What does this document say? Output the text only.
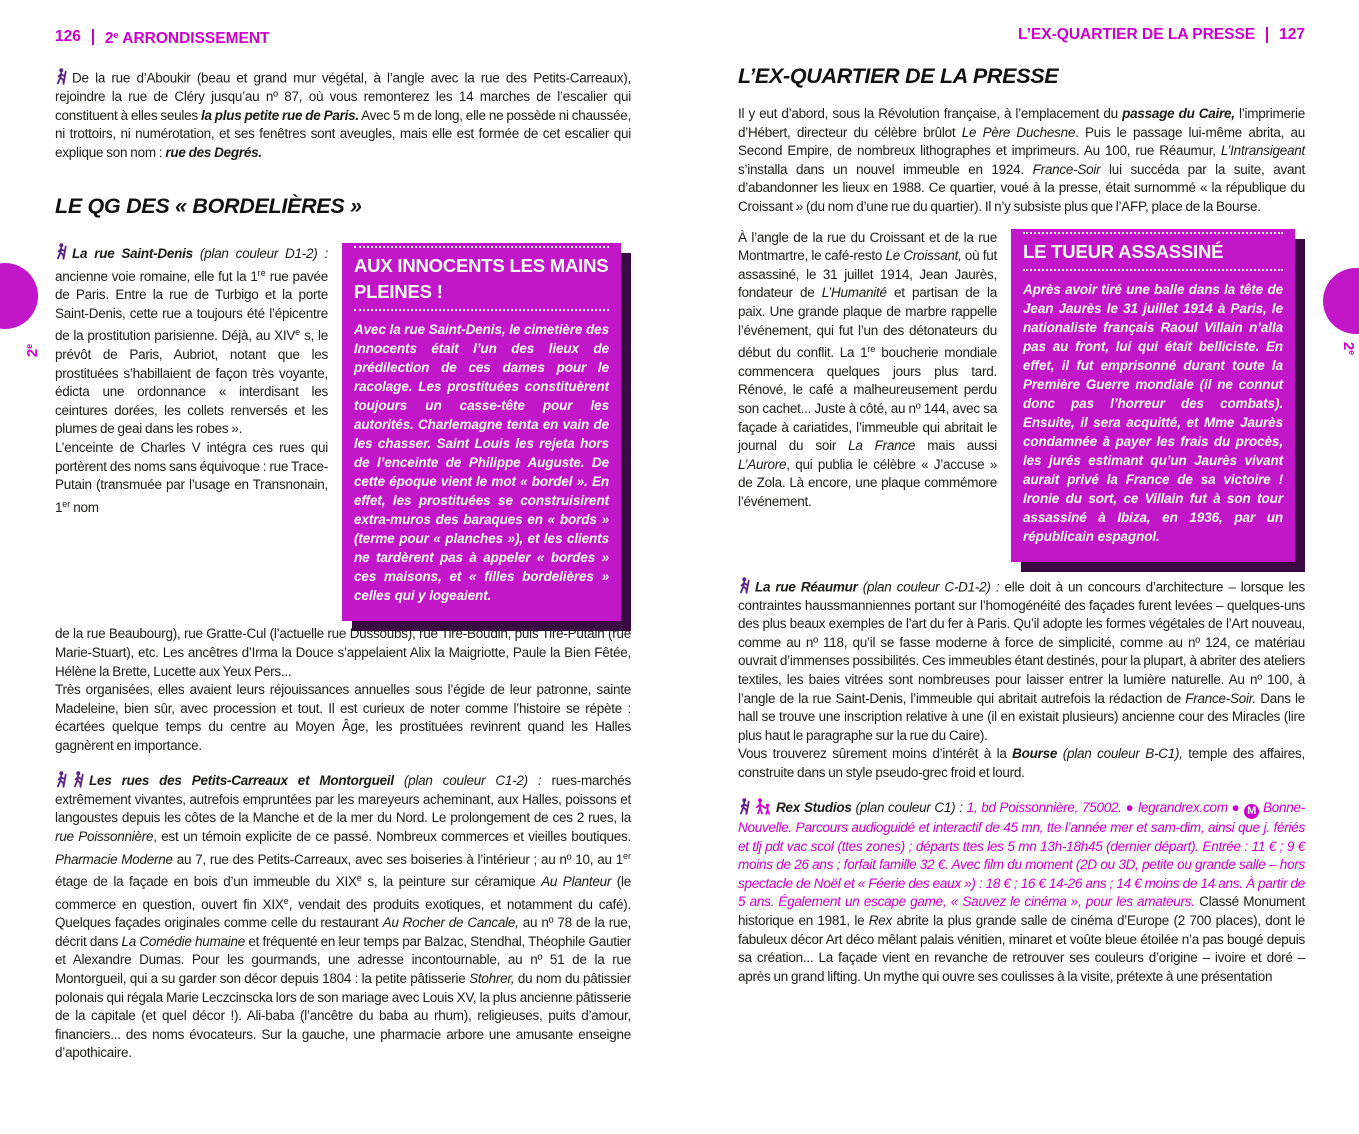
2e	2e
126 2e ARRONDISSEMENT

De la rue d’Aboukir (beau et grand mur végétal, à l’angle avec la rue des Petits-Carreaux), rejoindre la rue de Cléry jusqu’au nº 87, où vous remonterez les 14 marches de l’escalier qui constituent à elles seules la plus petite rue de Paris. Avec 5 m de long, elle ne possède ni chaussée, ni trottoirs, ni numérotation, et ses fenêtres sont aveugles, mais elle est formée de cet escalier qui explique son nom : rue des Degrés.

LE QG DES « BORDELIÈRES »

La rue Saint-Denis (plan couleur D1-2) : ancienne voie romaine, elle fut la 1re rue pavée de Paris. Entre la rue de Turbigo et la porte Saint-Denis, cette rue a toujours été l’épicentre de la prostitution parisienne. Déjà, au XIVe s, le prévôt de Paris, Aubriot, notant que les prostituées s’habillaient de façon très voyante, édicta une ordonnance « interdisant les ceintures dorées, les collets renversés et les plumes de geai dans les robes ».
L’enceinte de Charles V intégra ces rues qui portèrent des noms sans équivoque : rue Trace-Putain (transmuée par l’usage en Transnonain, 1er nom

AUX INNOCENTS LES MAINS PLEINES !

Avec la rue Saint-Denis, le cimetière des Innocents était l’un des lieux de prédilection de ces dames pour le racolage. Les prostituées constituèrent toujours un casse-tête pour les autorités. Charlemagne tenta en vain de les chasser. Saint Louis les rejeta hors de l’enceinte de Philippe Auguste. De cette époque vient le mot « bordel ». En effet, les prostituées se construisirent extra-muros des baraques en « bords » (terme pour « planches »), et les clients ne tardèrent pas à appeler « bordes » ces maisons, et « filles bordelières » celles qui y logeaient.

de la rue Beaubourg), rue Gratte-Cul (l’actuelle rue Dussoubs), rue Tire-Boudin, puis Tire-Putain (rue Marie-Stuart), etc. Les ancêtres d’Irma la Douce s’appelaient Alix la Maigriotte, Paule la Bien Fêtée, Hélène la Brette, Lucette aux Yeux Pers...
Très organisées, elles avaient leurs réjouissances annuelles sous l’égide de leur patronne, sainte Madeleine, bien sûr, avec procession et tout. Il est curieux de noter comme l’histoire se répète : écartées quelque temps du centre au Moyen Âge, les prostituées revinrent quand les Halles gagnèrent en importance.

Les rues des Petits-Carreaux et Montorgueil (plan couleur C1-2) : rues-marchés extrêmement vivantes, autrefois empruntées par les mareyeurs acheminant, aux Halles, poissons et langoustes depuis les côtes de la Manche et de la mer du Nord. Le prolongement de ces 2 rues, la rue Poissonnière, est un témoin explicite de ce passé. Nombreux commerces et vieilles boutiques. Pharmacie Moderne au 7, rue des Petits-Carreaux, avec ses boiseries à l’intérieur ; au nº 10, au 1er étage de la façade en bois d’un immeuble du XIXe s, la peinture sur céramique Au Planteur (le commerce en question, ouvert fin XIXe, vendait des produits exotiques, et notamment du café). Quelques façades originales comme celle du restaurant Au Rocher de Cancale, au nº 78 de la rue, décrit dans La Comédie humaine et fréquenté en leur temps par Balzac, Stendhal, Théophile Gautier et Alexandre Dumas. Pour les gourmands, une adresse incontournable, au nº 51 de la rue Montorgueil, qui a su garder son décor depuis 1804 : la petite pâtisserie Stohrer, du nom du pâtissier polonais qui régala Marie Leczcinscka lors de son mariage avec Louis XV, la plus ancienne pâtisserie de la capitale (et quel décor !). Ali-baba (l’ancêtre du baba au rhum), religieuses, puits d’amour, financiers... des noms évocateurs. Sur la gauche, une pharmacie arbore une amusante enseigne d’apothicaire.

L’EX-QUARTIER DE LA PRESSE 127
L’EX-QUARTIER DE LA PRESSE

Il y eut d’abord, sous la Révolution française, à l’emplacement du passage du Caire, l’imprimerie d’Hébert, directeur du célèbre brûlot Le Père Duchesne. Puis le passage lui-même abrita, au Second Empire, de nombreux lithographes et imprimeurs. Au 100, rue Réaumur, L’Intransigeant s’installa dans un nouvel immeuble en 1924. France-Soir lui succéda par la suite, avant d’abandonner les lieux en 1988. Ce quartier, voué à la presse, était surnommé « la république du Croissant » (du nom d’une rue du quartier). Il n’y subsiste plus que l’AFP, place de la Bourse.

À l’angle de la rue du Croissant et de la rue Montmartre, le café-resto Le Croissant, où fut assassiné, le 31 juillet 1914, Jean Jaurès, fondateur de L’Humanité et partisan de la paix. Une grande plaque de marbre rappelle l’événement, qui fut l’un des détonateurs du début du conflit. La 1re boucherie mondiale commencera quelques jours plus tard. Rénové, le café a malheureusement perdu son cachet... Juste à côté, au nº 144, avec sa façade à cariatides, l’immeuble qui abritait le journal du soir La France mais aussi L’Aurore, qui publia le célèbre « J’accuse » de Zola. Là encore, une plaque commémore l’événement.

LE TUEUR ASSASSINÉ

Après avoir tiré une balle dans la tête de Jean Jaurès le 31 juillet 1914 à Paris, le nationaliste français Raoul Villain n’alla pas au front, lui qui était belliciste. En effet, il fut emprisonné durant toute la Première Guerre mondiale (il ne connut donc pas l’horreur des combats). Ensuite, il sera acquitté, et Mme Jaurès condamnée à payer les frais du procès, les jurés estimant qu’un Jaurès vivant aurait privé la France de sa victoire ! Ironie du sort, ce Villain fut à son tour assassiné à Ibiza, en 1936, par un républicain espagnol.

La rue Réaumur (plan couleur C-D1-2) : elle doit à un concours d’architecture – lorsque les contraintes haussmanniennes portant sur l’homogénéité des façades furent levées – quelques-uns des plus beaux exemples de l’art du fer à Paris. Qu’il adopte les formes végétales de l’Art nouveau, comme au nº 118, qu’il se fasse moderne à force de simplicité, comme au nº 124, ce matériau ouvrait d’immenses possibilités. Ces immeubles étant destinés, pour la plupart, à abriter des ateliers textiles, les baies vitrées sont nombreuses pour laisser entrer la lumière naturelle. Au nº 100, à l’angle de la rue Saint-Denis, l’immeuble qui abritait autrefois la rédaction de France-Soir. Dans le hall se trouve une inscription relative à une (il en existait plusieurs) ancienne cour des Miracles (lire plus haut le paragraphe sur la rue du Caire).
Vous trouverez sûrement moins d’intérêt à la Bourse (plan couleur B-C1), temple des affaires, construite dans un style pseudo-grec froid et lourd.

Rex Studios (plan couleur C1) : 1, bd Poissonnière, 75002. ● legrandrex.com ● M Bonne-Nouvelle. Parcours audioguidé et interactif de 45 mn, tte l’année mer et sam-dim, ainsi que j. fériés et tlj pdt vac scol (ttes zones) ; départs ttes les 5 mn 13h-18h45 (dernier départ). Entrée : 11 € ; 9 € moins de 26 ans ; forfait famille 32 €. Avec film du moment (2D ou 3D, petite ou grande salle – hors spectacle de Noël et « Féerie des eaux ») : 18 € ; 16 € 14-26 ans ; 14 € moins de 14 ans. À partir de 5 ans. Également un escape game, « Sauvez le cinéma », pour les amateurs. Classé Monument historique en 1981, le Rex abrite la plus grande salle de cinéma d’Europe (2 700 places), dont le fabuleux décor Art déco mêlant palais vénitien, minaret et voûte bleue étoilée n’a pas bougé depuis sa création... La façade vient en revanche de retrouver ses couleurs d’origine – ivoire et doré – après un grand lifting. Un mythe qui ouvre ses coulisses à la visite, prétexte à une présentation
